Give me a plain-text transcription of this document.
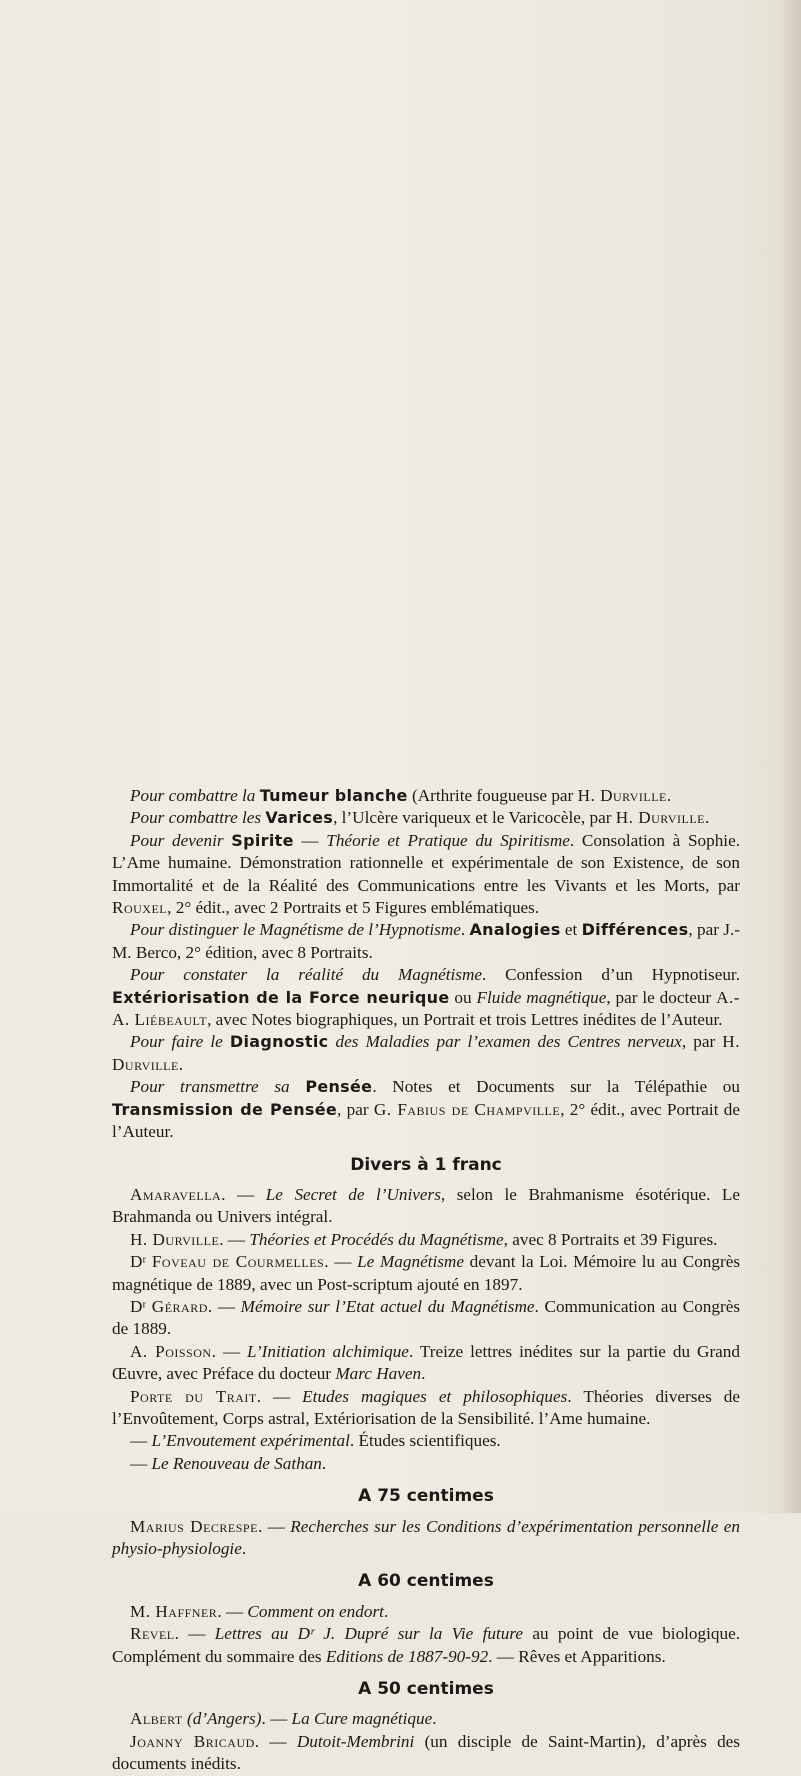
Pour combattre la Tumeur blanche (Arthrite fougueuse par H. Durville.

Pour combattre les Varices, l’Ulcère variqueux et le Varicocèle, par H. Durville.

Pour devenir Spirite — Théorie et Pratique du Spiritisme. Consolation à Sophie. L’Ame humaine. Démonstration rationnelle et expérimentale de son Existence, de son Immortalité et de la Réalité des Communications entre les Vivants et les Morts, par Rouxel, 2° édit., avec 2 Portraits et 5 Figures emblématiques.

Pour distinguer le Magnétisme de l’Hypnotisme. Analogies et Différences, par J.-M. Berco, 2° édition, avec 8 Portraits.

Pour constater la réalité du Magnétisme. Confession d’un Hypnotiseur. Extériorisation de la Force neurique ou Fluide magnétique, par le docteur A.-A. Liébeault, avec Notes biographiques, un Portrait et trois Lettres inédites de l’Auteur.

Pour faire le Diagnostic des Maladies par l’examen des Centres nerveux, par H. Durville.

Pour transmettre sa Pensée. Notes et Documents sur la Télépathie ou Transmission de Pensée, par G. Fabius de Champville, 2° édit., avec Portrait de l’Auteur.

Divers à 1 franc

Amaravella. — Le Secret de l’Univers, selon le Brahmanisme ésotérique. Le Brahmanda ou Univers intégral.

H. Durville. — Théories et Procédés du Magnétisme, avec 8 Portraits et 39 Figures.

Dʳ Foveau de Courmelles. — Le Magnétisme devant la Loi. Mémoire lu au Congrès magnétique de 1889, avec un Post-scriptum ajouté en 1897.

Dʳ Gérard. — Mémoire sur l’Etat actuel du Magnétisme. Communication au Congrès de 1889.

A. Poisson. — L’Initiation alchimique. Treize lettres inédites sur la partie du Grand Œuvre, avec Préface du docteur Marc Haven.

Porte du Trait. — Etudes magiques et philosophiques. Théories diverses de l’Envoûtement, Corps astral, Extériorisation de la Sensibilité. l’Ame humaine.

— L’Envoutement expérimental. Études scientifiques.

— Le Renouveau de Sathan.

A 75 centimes

Marius Decrespe. — Recherches sur les Conditions d’expérimentation personnelle en physio-physiologie.

A 60 centimes

M. Haffner. — Comment on endort.

Revel. — Lettres au Dʳ J. Dupré sur la Vie future au point de vue biologique. Complément du sommaire des Editions de 1887-90-92. — Rêves et Apparitions.

A 50 centimes

Albert (d’Angers). — La Cure magnétique.

Joanny Bricaud. — Dutoit-Membrini (un disciple de Saint-Martin), d’après des documents inédits.
